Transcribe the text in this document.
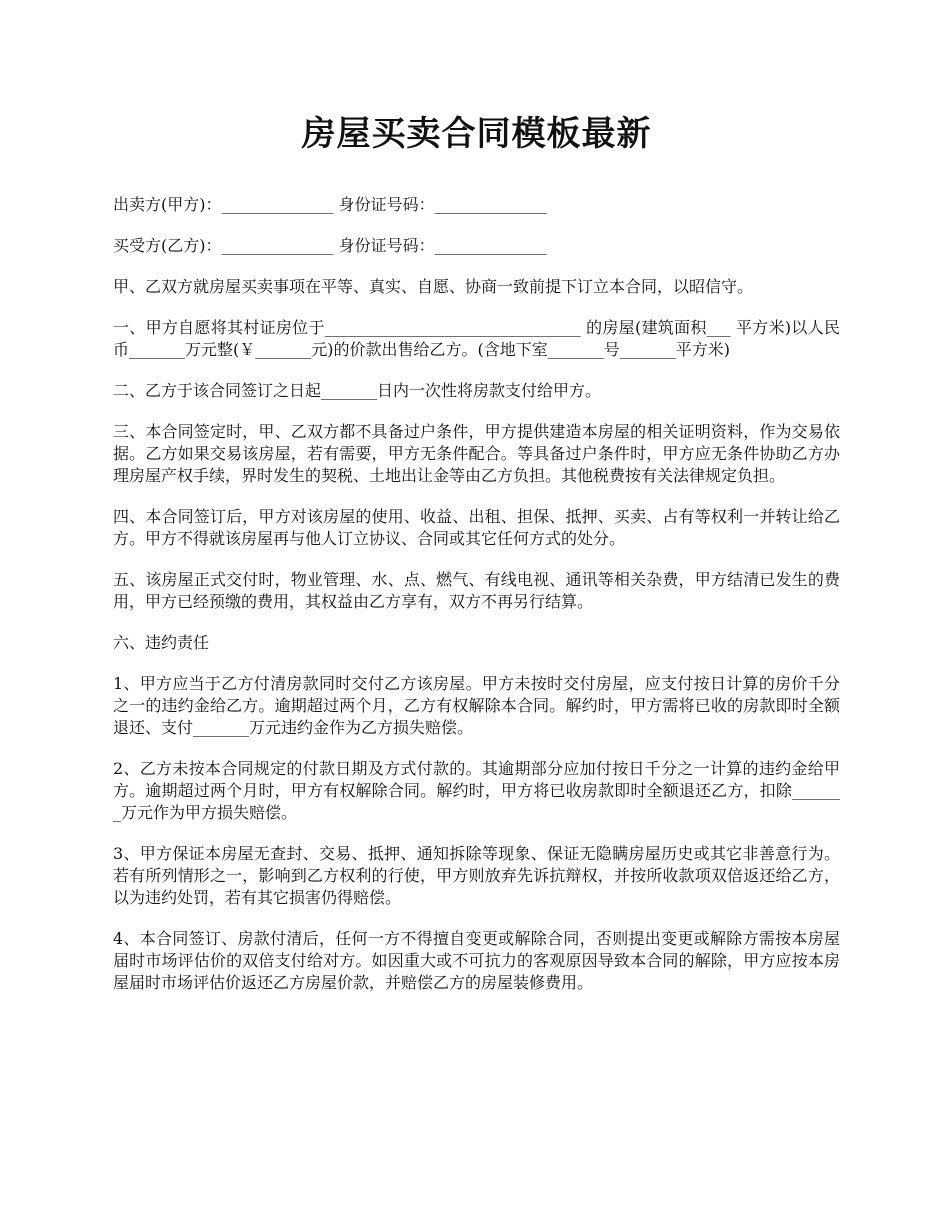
房屋买卖合同模板最新

出卖方(甲方)：______________ 身份证号码：______________

买受方(乙方)：______________ 身份证号码：______________

甲、乙双方就房屋买卖事项在平等、真实、自愿、协商一致前提下订立本合同，以昭信守。

一、甲方自愿将其村证房位于________________________________ 的房屋(建筑面积___ 平方米)以人民币_______万元整(￥_______元)的价款出售给乙方。(含地下室_______号_______平方米)

二、乙方于该合同签订之日起_______日内一次性将房款支付给甲方。

三、本合同签定时，甲、乙双方都不具备过户条件，甲方提供建造本房屋的相关证明资料，作为交易依据。乙方如果交易该房屋，若有需要，甲方无条件配合。等具备过户条件时，甲方应无条件协助乙方办理房屋产权手续，界时发生的契税、土地出让金等由乙方负担。其他税费按有关法律规定负担。

四、本合同签订后，甲方对该房屋的使用、收益、出租、担保、抵押、买卖、占有等权利一并转让给乙方。甲方不得就该房屋再与他人订立协议、合同或其它任何方式的处分。

五、该房屋正式交付时，物业管理、水、点、燃气、有线电视、通讯等相关杂费，甲方结清已发生的费用，甲方已经预缴的费用，其权益由乙方享有，双方不再另行结算。

六、违约责任

1、甲方应当于乙方付清房款同时交付乙方该房屋。甲方未按时交付房屋，应支付按日计算的房价千分之一的违约金给乙方。逾期超过两个月，乙方有权解除本合同。解约时，甲方需将已收的房款即时全额退还、支付_______万元违约金作为乙方损失赔偿。

2、乙方未按本合同规定的付款日期及方式付款的。其逾期部分应加付按日千分之一计算的违约金给甲方。逾期超过两个月时，甲方有权解除合同。解约时，甲方将已收房款即时全额退还乙方，扣除_______万元作为甲方损失赔偿。

3、甲方保证本房屋无查封、交易、抵押、通知拆除等现象、保证无隐瞒房屋历史或其它非善意行为。若有所列情形之一，影响到乙方权利的行使，甲方则放弃先诉抗辩权，并按所收款项双倍返还给乙方，以为违约处罚，若有其它损害仍得赔偿。

4、本合同签订、房款付清后，任何一方不得擅自变更或解除合同，否则提出变更或解除方需按本房屋届时市场评估价的双倍支付给对方。如因重大或不可抗力的客观原因导致本合同的解除，甲方应按本房屋届时市场评估价返还乙方房屋价款，并赔偿乙方的房屋装修费用。
